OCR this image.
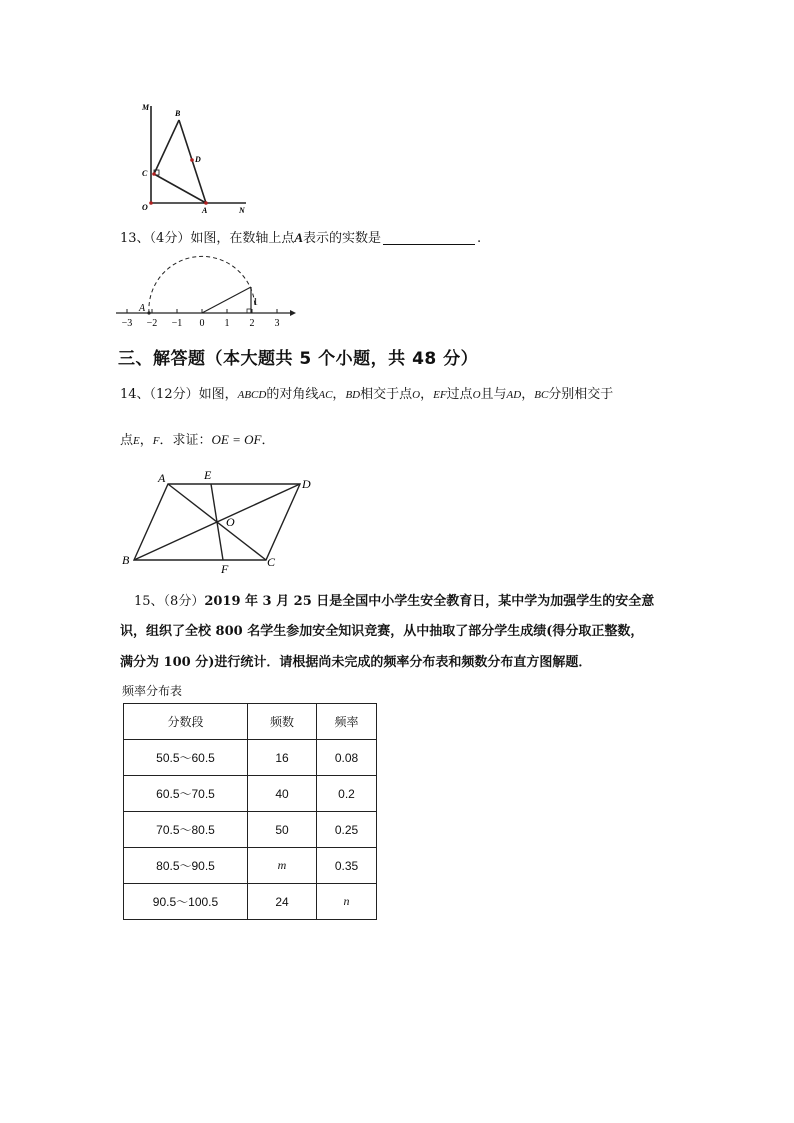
M
B
D
C
O	A	N
13、（4分）如图，在数轴上点A表示的实数是	.
1
A
−3 −2 −1 0 1 2 3
三、解答题（本大题共 5 个小题，共 48 分）
14、（12分）如图，ABCD的对角线AC，BD相交于点O，EF过点O且与AD，BC分别相交于
点E，F．求证：OE = OF．
A	E
D
O
B
F	C
15、（8分）2019 年 3 月 25 日是全国中小学生安全教育日，某中学为加强学生的安全意
识，组织了全校 800 名学生参加安全知识竞赛，从中抽取了部分学生成绩(得分取正整数，
满分为 100 分)进行统计．请根据尚未完成的频率分布表和频数分布直方图解题．
频率分布表
分数段	频数	频率
50.5～60.5	16	0.08
60.5～70.5	40	0.2
70.5～80.5	50	0.25
80.5～90.5	m	0.35
90.5～100.5	24	n
